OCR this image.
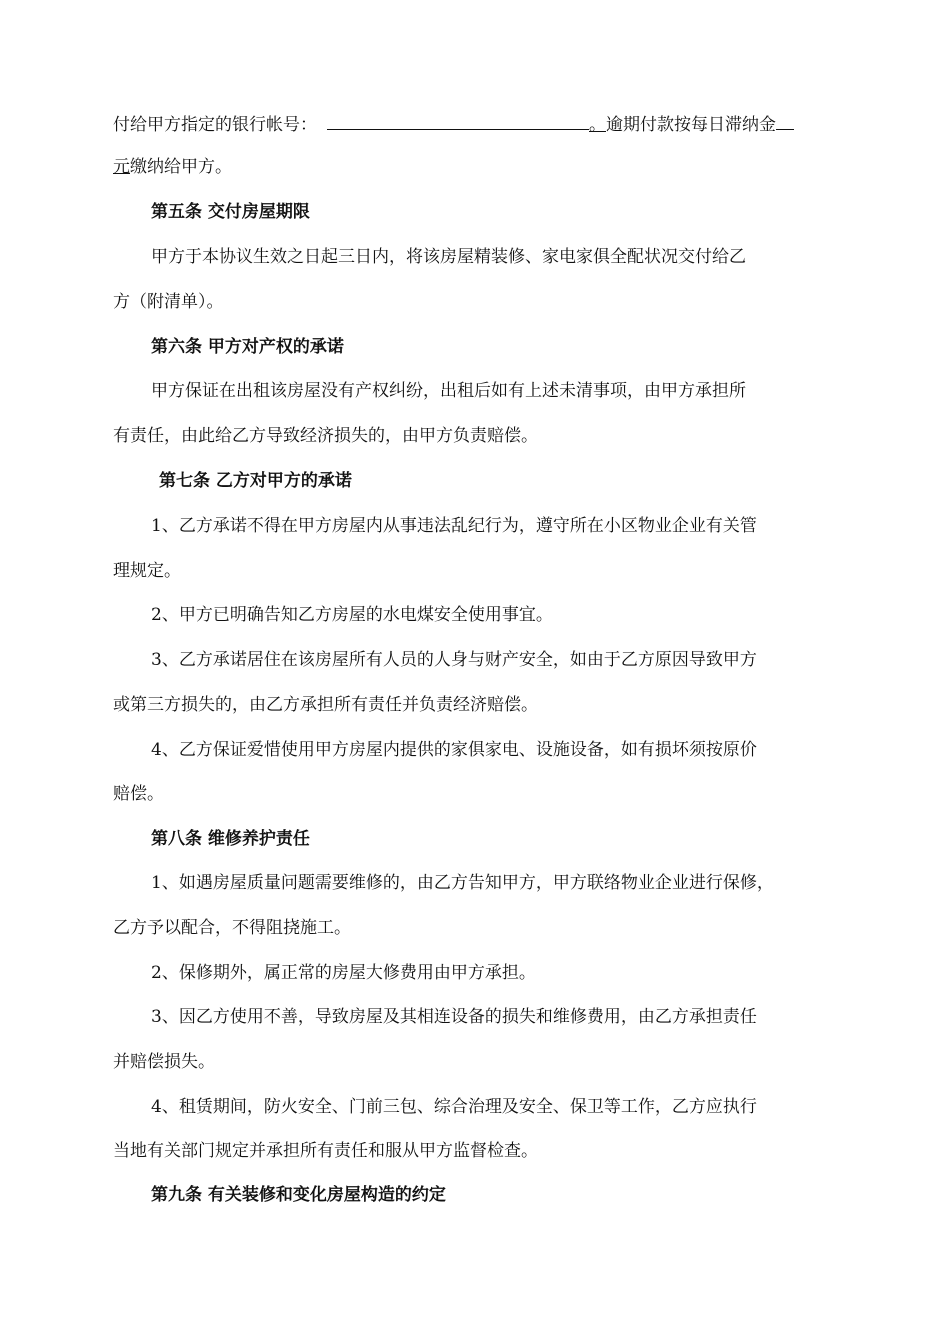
付给甲方指定的银行帐号：	。逾期付款按每日滞纳金
元缴纳给甲方。
第五条 交付房屋期限
甲方于本协议生效之日起三日内，将该房屋精装修、家电家俱全配状况交付给乙
方（附清单）。
第六条 甲方对产权的承诺
甲方保证在出租该房屋没有产权纠纷，出租后如有上述未清事项，由甲方承担所
有责任，由此给乙方导致经济损失的，由甲方负责赔偿。
第七条 乙方对甲方的承诺
1、乙方承诺不得在甲方房屋内从事违法乱纪行为，遵守所在小区物业企业有关管
理规定。
2、甲方已明确告知乙方房屋的水电煤安全使用事宜。
3、乙方承诺居住在该房屋所有人员的人身与财产安全，如由于乙方原因导致甲方
或第三方损失的，由乙方承担所有责任并负责经济赔偿。
4、乙方保证爱惜使用甲方房屋内提供的家俱家电、设施设备，如有损坏须按原价
赔偿。
第八条 维修养护责任
1、如遇房屋质量问题需要维修的，由乙方告知甲方，甲方联络物业企业进行保修，
乙方予以配合，不得阻挠施工。
2、保修期外，属正常的房屋大修费用由甲方承担。
3、因乙方使用不善，导致房屋及其相连设备的损失和维修费用，由乙方承担责任
并赔偿损失。
4、租赁期间，防火安全、门前三包、综合治理及安全、保卫等工作，乙方应执行
当地有关部门规定并承担所有责任和服从甲方监督检查。
第九条 有关装修和变化房屋构造的约定
